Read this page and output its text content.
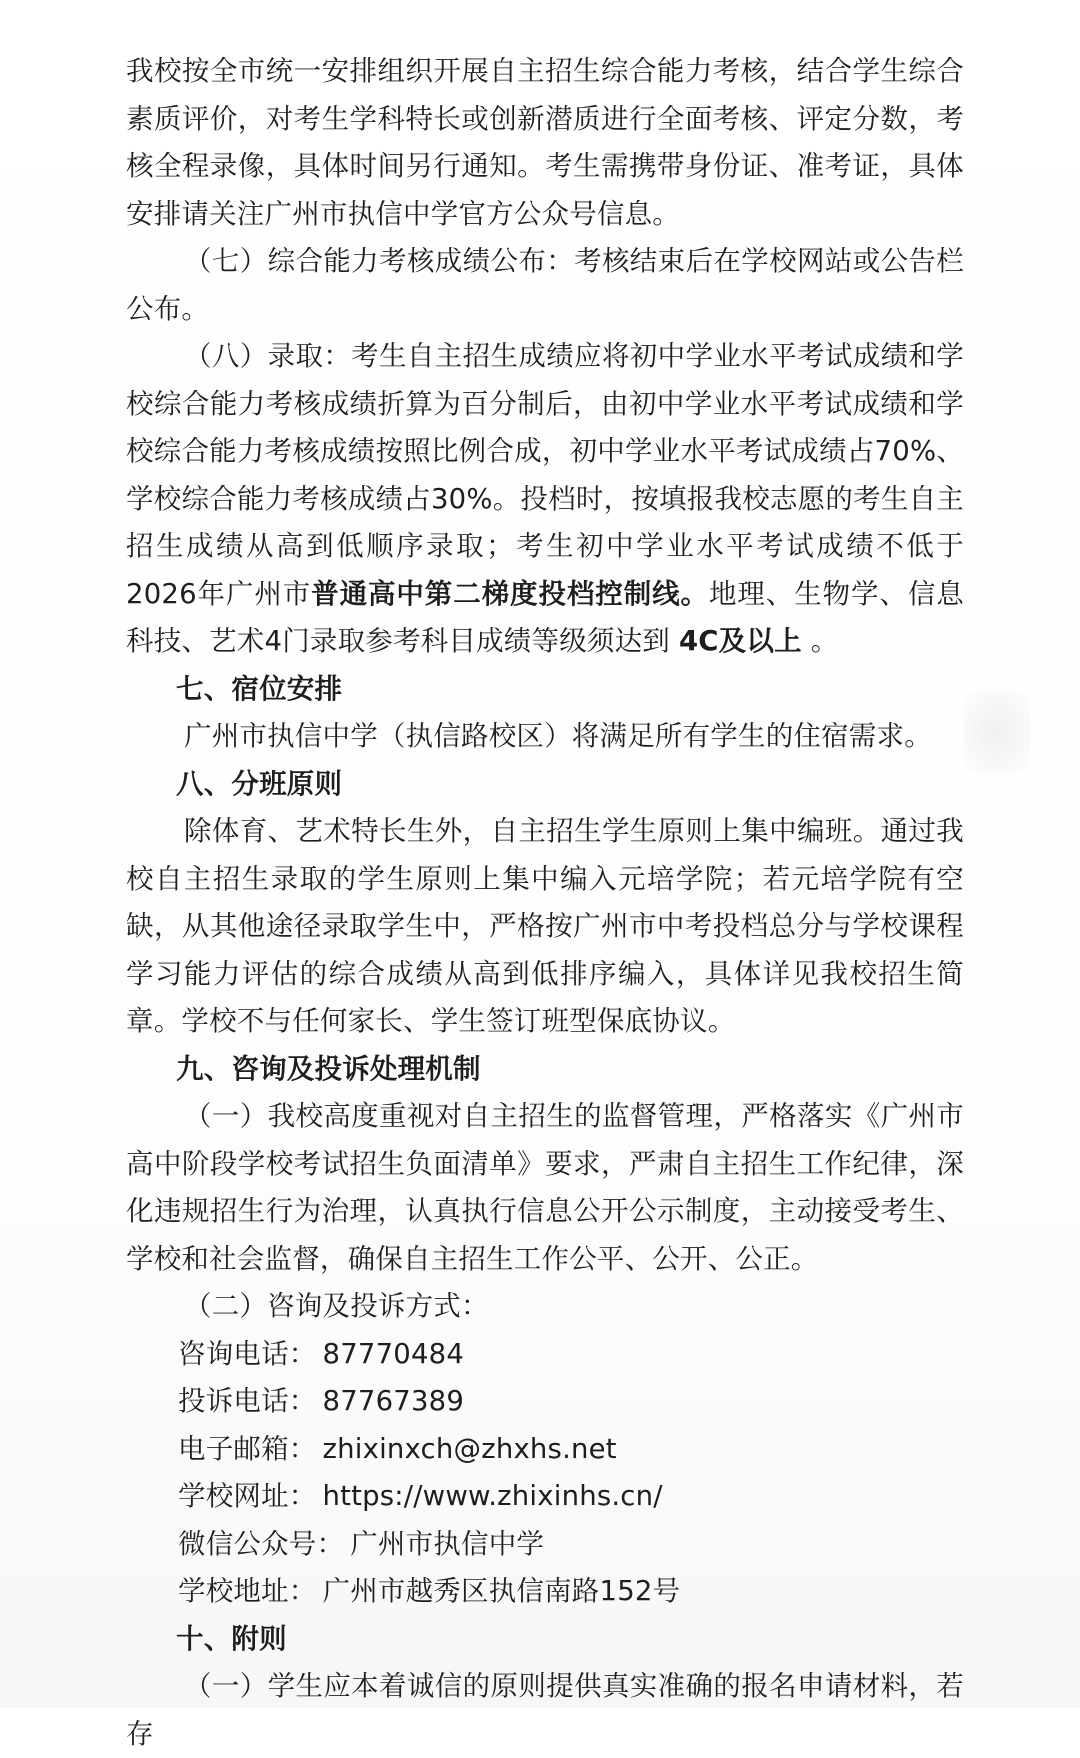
我校按全市统一安排组织开展自主招生综合能力考核，结合学生综合素质评价，对考生学科特长或创新潜质进行全面考核、评定分数，考核全程录像，具体时间另行通知。考生需携带身份证、准考证，具体安排请关注广州市执信中学官方公众号信息。

（七）综合能力考核成绩公布：考核结束后在学校网站或公告栏公布。

（八）录取：考生自主招生成绩应将初中学业水平考试成绩和学校综合能力考核成绩折算为百分制后，由初中学业水平考试成绩和学校综合能力考核成绩按照比例合成，初中学业水平考试成绩占70%、学校综合能力考核成绩占30%。投档时，按填报我校志愿的考生自主招生成绩从高到低顺序录取；考生初中学业水平考试成绩不低于2026年广州市普通高中第二梯度投档控制线。地理、生物学、信息科技、艺术4门录取参考科目成绩等级须达到 4C及以上 。

七、宿位安排

广州市执信中学（执信路校区）将满足所有学生的住宿需求。

八、分班原则

除体育、艺术特长生外，自主招生学生原则上集中编班。通过我校自主招生录取的学生原则上集中编入元培学院；若元培学院有空缺，从其他途径录取学生中，严格按广州市中考投档总分与学校课程学习能力评估的综合成绩从高到低排序编入，具体详见我校招生简章。学校不与任何家长、学生签订班型保底协议。

九、咨询及投诉处理机制

（一）我校高度重视对自主招生的监督管理，严格落实《广州市高中阶段学校考试招生负面清单》要求，严肃自主招生工作纪律，深化违规招生行为治理，认真执行信息公开公示制度，主动接受考生、学校和社会监督，确保自主招生工作公平、公开、公正。

（二）咨询及投诉方式：

咨询电话： 87770484
投诉电话： 87767389
电子邮箱： zhixinxch@zhxhs.net
学校网址： https://www.zhixinhs.cn/
微信公众号： 广州市执信中学
学校地址： 广州市越秀区执信南路152号

十、附则

（一）学生应本着诚信的原则提供真实准确的报名申请材料，若存
